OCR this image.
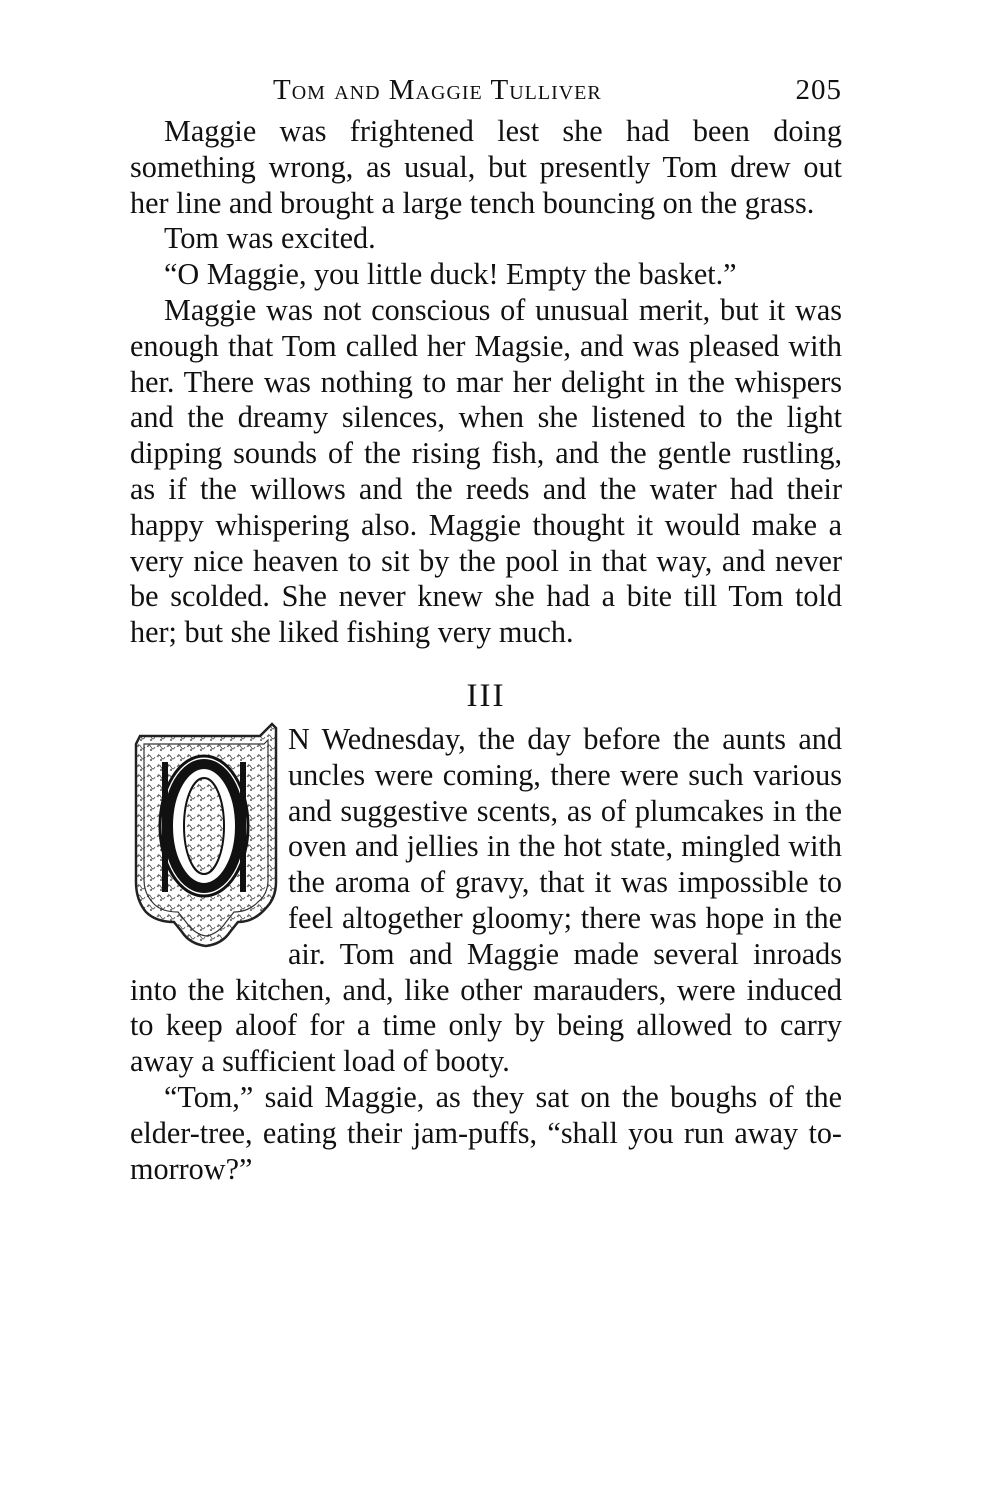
Tom and Maggie Tulliver	205

Maggie was frightened lest she had been doing something wrong, as usual, but presently Tom drew out her line and brought a large tench bouncing on the grass.

Tom was excited.

“O Maggie, you little duck! Empty the basket.”

Maggie was not conscious of unusual merit, but it was enough that Tom called her Magsie, and was pleased with her. There was nothing to mar her delight in the whispers and the dreamy silences, when she listened to the light dipping sounds of the rising fish, and the gentle rustling, as if the willows and the reeds and the water had their happy whispering also. Maggie thought it would make a very nice heaven to sit by the pool in that way, and never be scolded. She never knew she had a bite till Tom told her; but she liked fishing very much.

III

N Wednesday, the day before the aunts and uncles were coming, there were such various and suggestive scents, as of plumcakes in the oven and jellies in the hot state, mingled with the aroma of gravy, that it was impossible to feel altogether gloomy; there was hope in the air. Tom and Maggie made several inroads into the kitchen, and, like other marauders, were induced to keep aloof for a time only by being allowed to carry away a sufficient load of booty.

“Tom,” said Maggie, as they sat on the boughs of the elder-tree, eating their jam-puffs, “shall you run away to-morrow?”
